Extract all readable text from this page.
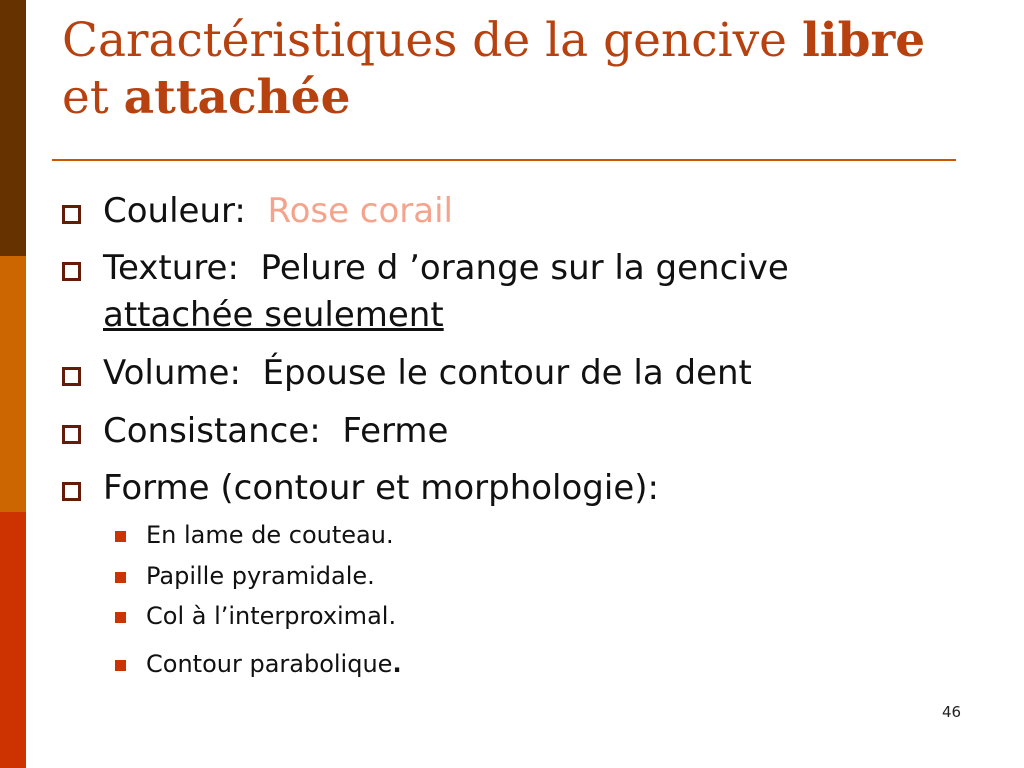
Caractéristiques de la gencive libre
et attachée
Couleur: Rose corail
Texture: Pelure d ’orange sur la gencive
attachée seulement
Volume: Épouse le contour de la dent
Consistance: Ferme
Forme (contour et morphologie):
En lame de couteau.
Papille pyramidale.
Col à l’interproximal.
Contour parabolique.
46
